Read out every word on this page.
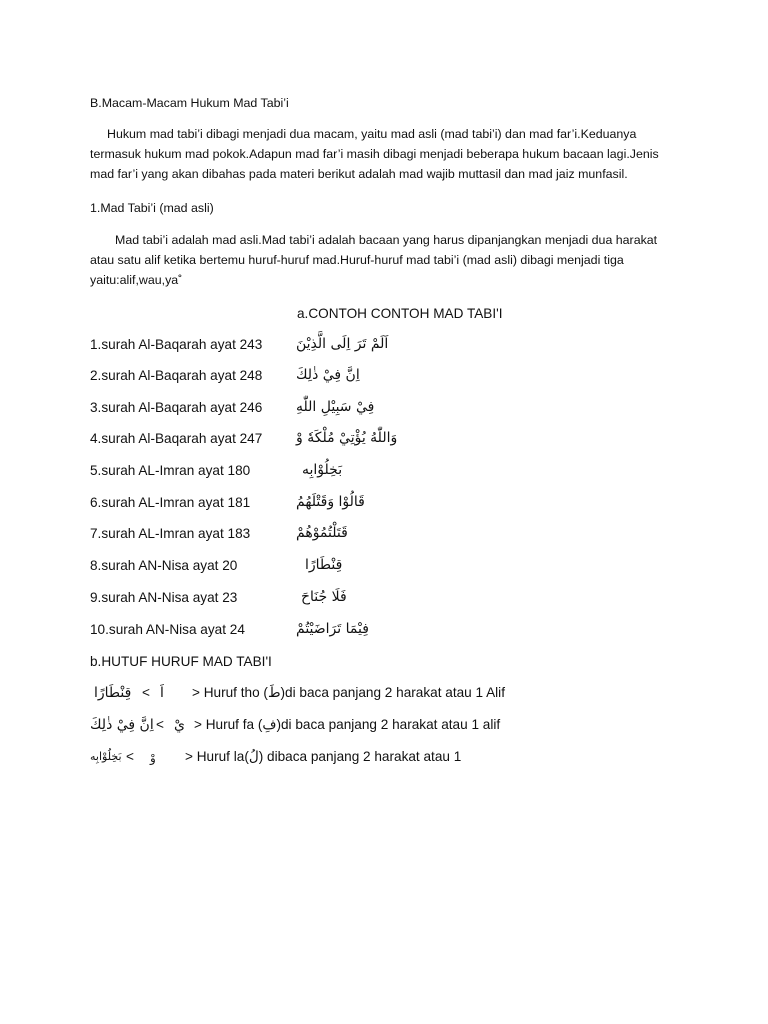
B.Macam-Macam Hukum Mad Tabi’i
Hukum mad tabi’i dibagi menjadi dua macam, yaitu mad asli (mad tabi’i) dan mad far’i.Keduanya termasuk hukum mad pokok.Adapun mad far’i masih dibagi menjadi beberapa hukum bacaan lagi.Jenis mad far’i yang akan dibahas pada materi berikut adalah mad wajib muttasil dan mad jaiz munfasil.
1.Mad Tabi’i (mad asli)
Mad tabi’i adalah mad asli.Mad tabi’i adalah bacaan yang harus dipanjangkan menjadi dua harakat atau satu alif ketika bertemu huruf-huruf mad.Huruf-huruf mad tabi’i (mad asli) dibagi menjadi tiga yaitu:alif,wau,ya˚
a.CONTOH CONTOH MAD TABI'I
1.surah Al-Baqarah ayat 243 اَلَمْ تَرَ اِلَى الَّذِيْنَ
2.surah Al-Baqarah ayat 248 اِنَّ فِيْ ذٰلِكَ
3.surah Al-Baqarah ayat 246 فِيْ سَبِيْلِ اللّٰهِ
4.surah Al-Baqarah ayat 247 وَاللّٰهُ يُؤْتِيْ مُلْكَهٗ وْ
5.surah AL-Imran ayat 180	بَخِلُوْابِه
6.surah AL-Imran ayat 181	قَالُوْا وَقَتْلَهُمُ
7.surah AL-Imran ayat 183	قَتَلْتُمُوْهُمْ
8.surah AN-Nisa ayat 20	قِنْطَارًا
9.surah AN-Nisa ayat 23	فَلَا جُنَاحَ
10.surah AN-Nisa ayat 24	فِيْمَا تَرَاضَيْتُمْ
b.HUTUF HURUF MAD TABI'I
قِنْطَارًا < اَ > Huruf tho (طَ)di baca panjang 2 harakat atau 1 Alif
اِنَّ فِيْ ذٰلِكَ < يْ > Huruf fa (فِ)di baca panjang 2 harakat atau 1 alif
بَخِلُوْابِه < وْ > Huruf la(لُ) dibaca panjang 2 harakat atau 1
